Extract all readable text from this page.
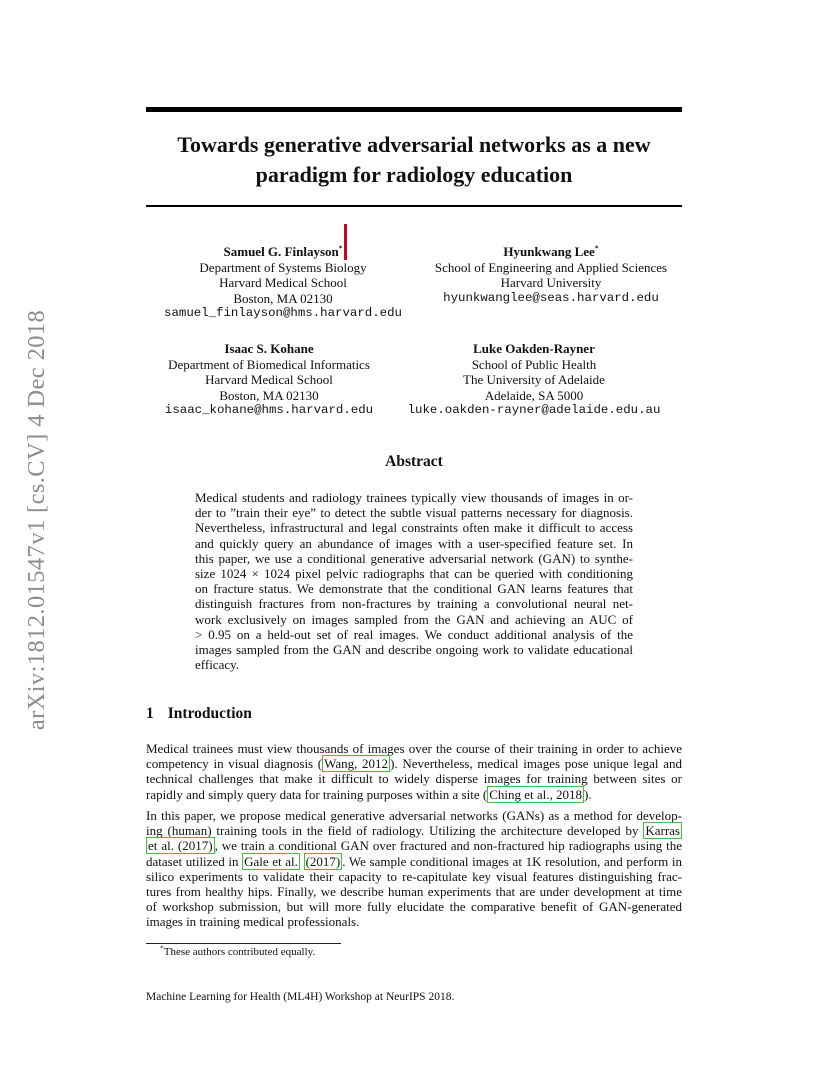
arXiv:1812.01547v1 [cs.CV] 4 Dec 2018
Towards generative adversarial networks as a new
paradigm for radiology education
Samuel G. Finlayson*
Department of Systems Biology
Harvard Medical School
Boston, MA 02130
samuel_finlayson@hms.harvard.edu
Hyunkwang Lee*
School of Engineering and Applied Sciences
Harvard University
hyunkwanglee@seas.harvard.edu
Isaac S. Kohane
Department of Biomedical Informatics
Harvard Medical School
Boston, MA 02130
isaac_kohane@hms.harvard.edu
Luke Oakden-Rayner
School of Public Health
The University of Adelaide
Adelaide, SA 5000
luke.oakden-rayner@adelaide.edu.au
Abstract
Medical students and radiology trainees typically view thousands of images in or-
der to ”train their eye” to detect the subtle visual patterns necessary for diagnosis.
Nevertheless, infrastructural and legal constraints often make it difficult to access
and quickly query an abundance of images with a user-specified feature set. In
this paper, we use a conditional generative adversarial network (GAN) to synthe-
size 1024 × 1024 pixel pelvic radiographs that can be queried with conditioning
on fracture status. We demonstrate that the conditional GAN learns features that
distinguish fractures from non-fractures by training a convolutional neural net-
work exclusively on images sampled from the GAN and achieving an AUC of
> 0.95 on a held-out set of real images. We conduct additional analysis of the
images sampled from the GAN and describe ongoing work to validate educational
efficacy.
1 Introduction
Medical trainees must view thousands of images over the course of their training in order to achieve
competency in visual diagnosis ( Wang, 2012 ). Nevertheless, medical images pose unique legal and
technical challenges that make it difficult to widely disperse images for training between sites or
rapidly and simply query data for training purposes within a site ( Ching et al., 2018 ).
In this paper, we propose medical generative adversarial networks (GANs) as a method for develop-
ing (human) training tools in the field of radiology. Utilizing the architecture developed by Karras
et al. (2017) , we train a conditional GAN over fractured and non-fractured hip radiographs using the
dataset utilized in Gale et al. (2017) . We sample conditional images at 1K resolution, and perform in
silico experiments to validate their capacity to re-capitulate key visual features distinguishing frac-
tures from healthy hips. Finally, we describe human experiments that are under development at time
of workshop submission, but will more fully elucidate the comparative benefit of GAN-generated
images in training medical professionals.
*These authors contributed equally.
Machine Learning for Health (ML4H) Workshop at NeurIPS 2018.
